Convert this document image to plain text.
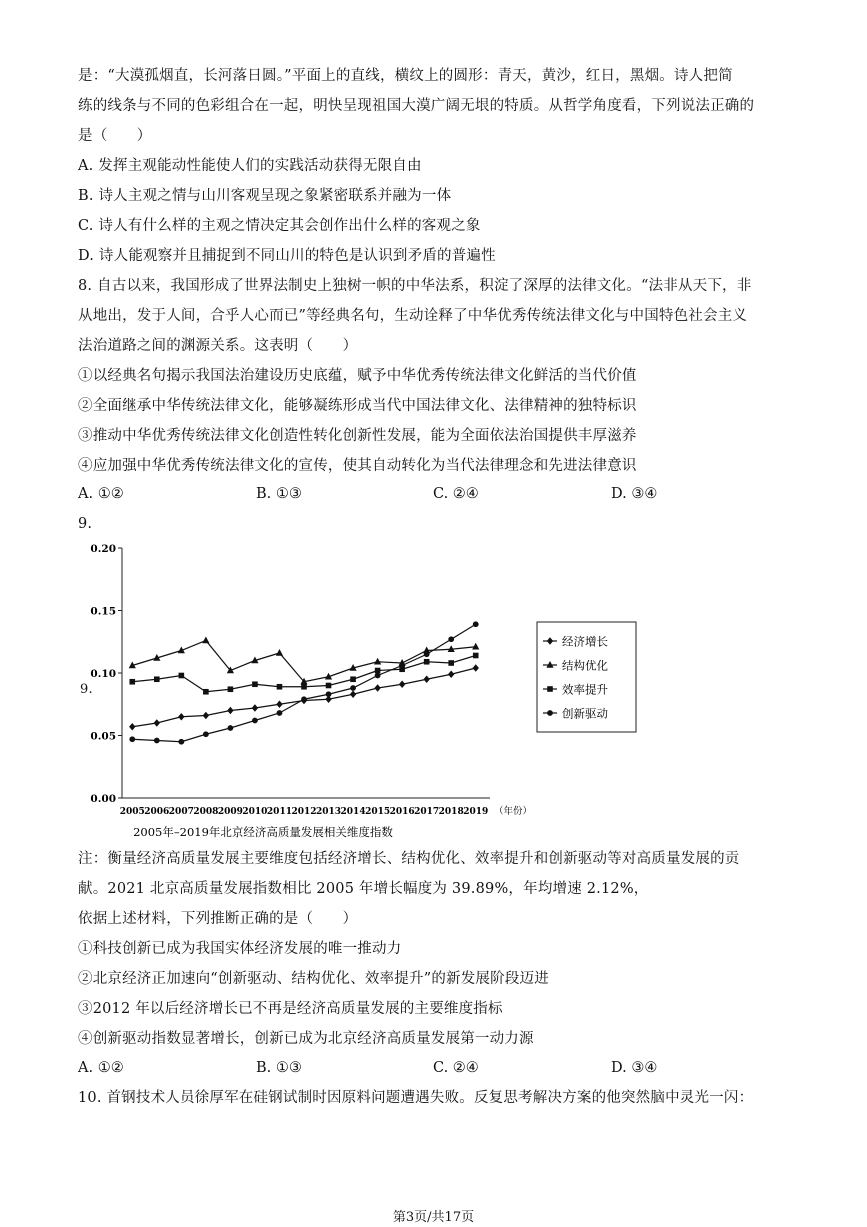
是：“大漠孤烟直，长河落日圆。”平面上的直线，横纹上的圆形：青天，黄沙，红日，黑烟。诗人把简
练的线条与不同的色彩组合在一起，明快呈现祖国大漠广阔无垠的特质。从哲学角度看，下列说法正确的
是（　　）
A. 发挥主观能动性能使人们的实践活动获得无限自由
B. 诗人主观之情与山川客观呈现之象紧密联系并融为一体
C. 诗人有什么样的主观之情决定其会创作出什么样的客观之象
D. 诗人能观察并且捕捉到不同山川的特色是认识到矛盾的普遍性
8. 自古以来，我国形成了世界法制史上独树一帜的中华法系，积淀了深厚的法律文化。“法非从天下，非
从地出，发于人间，合乎人心而已”等经典名句，生动诠释了中华优秀传统法律文化与中国特色社会主义
法治道路之间的渊源关系。这表明（　　）
①以经典名句揭示我国法治建设历史底蕴，赋予中华优秀传统法律文化鲜活的当代价值
②全面继承中华传统法律文化，能够凝练形成当代中国法律文化、法律精神的独特标识
③推动中华优秀传统法律文化创造性转化创新性发展，能为全面依法治国提供丰厚滋养
④应加强中华优秀传统法律文化的宣传，使其自动转化为当代法律理念和先进法律意识
A. ①②	B. ①③	C. ②④	D. ③④
9.
9.
0.00
0.05
0.10
0.15
0.20
2005 2006 2007 2008 2009 2010 2011 2012 2013 2014 2015 2016 2017 2018 2019 （年份）
经济增长
结构优化
效率提升
创新驱动
2005年–2019年北京经济高质量发展相关维度指数
注：衡量经济高质量发展主要维度包括经济增长、结构优化、效率提升和创新驱动等对高质量发展的贡
献。2021 北京高质量发展指数相比 2005 年增长幅度为 39.89%，年均增速 2.12%，
依据上述材料，下列推断正确的是（　　）
①科技创新已成为我国实体经济发展的唯一推动力
②北京经济正加速向“创新驱动、结构优化、效率提升”的新发展阶段迈进
③2012 年以后经济增长已不再是经济高质量发展的主要维度指标
④创新驱动指数显著增长，创新已成为北京经济高质量发展第一动力源
A. ①②	B. ①③	C. ②④	D. ③④
10. 首钢技术人员徐厚军在硅钢试制时因原料问题遭遇失败。反复思考解决方案的他突然脑中灵光一闪：
第3页/共17页
